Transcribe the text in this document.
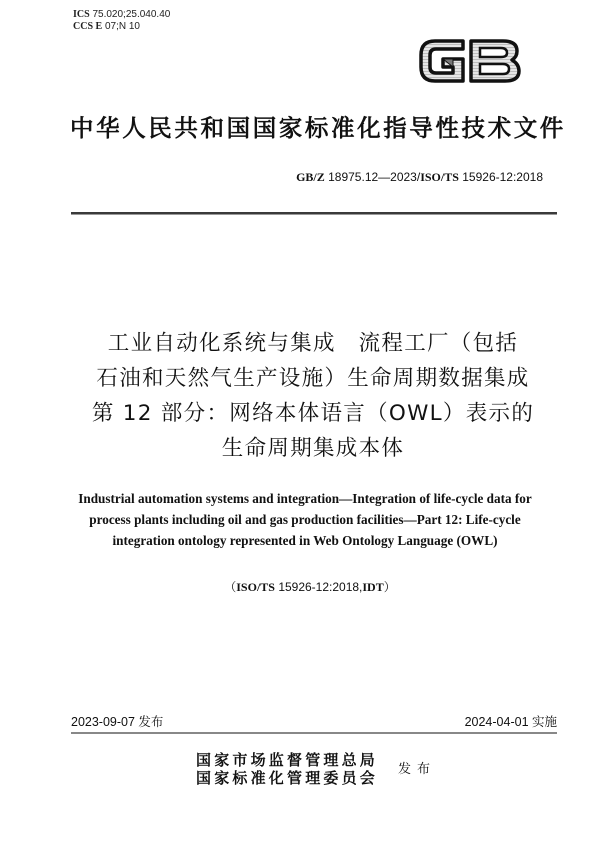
ICS 75.020;25.040.40
CCS E 07;N 10
中华人民共和国国家标准化指导性技术文件
GB/Z 18975.12—2023/ISO/TS 15926-12:2018
工业自动化系统与集成　流程工厂（包括
石油和天然气生产设施）生命周期数据集成
第 12 部分：网络本体语言（OWL）表示的
生命周期集成本体
Industrial automation systems and integration—Integration of life-cycle data for
process plants including oil and gas production facilities—Part 12: Life-cycle
integration ontology represented in Web Ontology Language (OWL)
（ISO/TS 15926-12:2018,IDT）
2023-09-07 发布	2024-04-01 实施
国家市场监督管理总局
国家标准化管理委员会 发布
